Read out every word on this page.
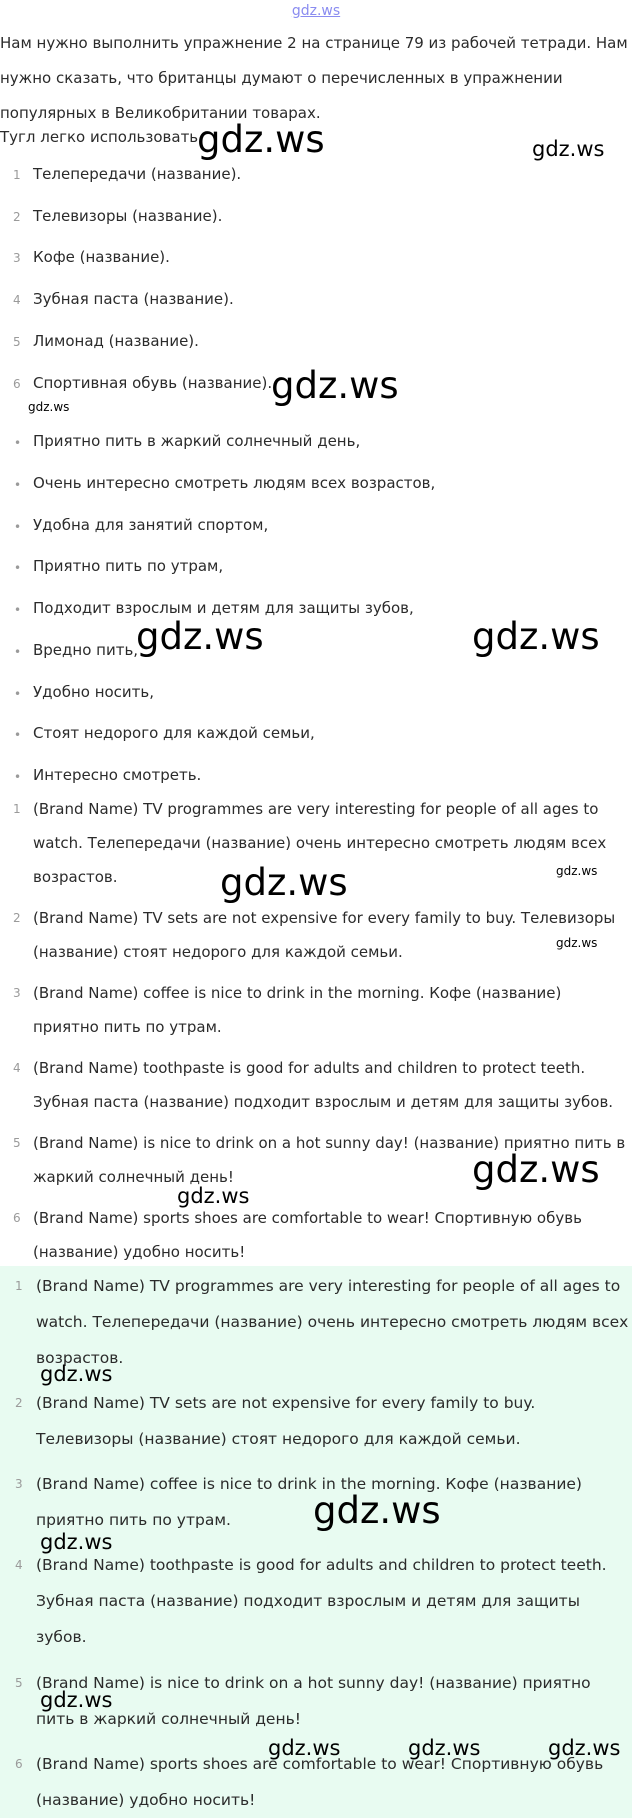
gdz.ws
Нам нужно выполнить упражнение 2 на странице 79 из рабочей тетради. Нам нужно сказать, что британцы думают о перечисленных в упражнении популярных в Великобритании товарах.
Тугл легко использовать.
1 Телепередачи (название).
2 Телевизоры (название).
3 Кофе (название).
4 Зубная паста (название).
5 Лимонад (название).
6 Спортивная обувь (название).
• Приятно пить в жаркий солнечный день,
• Очень интересно смотреть людям всех возрастов,
• Удобна для занятий спортом,
• Приятно пить по утрам,
• Подходит взрослым и детям для защиты зубов,
• Вредно пить,
• Удобно носить,
• Стоят недорого для каждой семьи,
• Интересно смотреть.
1 (Brand Name) TV programmes are very interesting for people of all ages to watch. Телепередачи (название) очень интересно смотреть людям всех возрастов.
2 (Brand Name) TV sets are not expensive for every family to buy. Телевизоры (название) стоят недорого для каждой семьи.
3 (Brand Name) coffee is nice to drink in the morning. Кофе (название) приятно пить по утрам.
4 (Brand Name) toothpaste is good for adults and children to protect teeth. Зубная паста (название) подходит взрослым и детям для защиты зубов.
5 (Brand Name) is nice to drink on a hot sunny day! (название) приятно пить в жаркий солнечный день!
6 (Brand Name) sports shoes are comfortable to wear! Спортивную обувь (название) удобно носить!
1 (Brand Name) TV programmes are very interesting for people of all ages to watch. Телепередачи (название) очень интересно смотреть людям всех возрастов.
2 (Brand Name) TV sets are not expensive for every family to buy. Телевизоры (название) стоят недорого для каждой семьи.
3 (Brand Name) coffee is nice to drink in the morning. Кофе (название) приятно пить по утрам.
4 (Brand Name) toothpaste is good for adults and children to protect teeth. Зубная паста (название) подходит взрослым и детям для защиты зубов.
5 (Brand Name) is nice to drink on a hot sunny day! (название) приятно пить в жаркий солнечный день!
6 (Brand Name) sports shoes are comfortable to wear! Спортивную обувь (название) удобно носить!
gdz.ws	gdz.ws
gdz.ws
gdz.ws
gdz.ws	gdz.ws
gdz.ws	gdz.ws
gdz.ws
gdz.ws
gdz.ws
gdz.ws
gdz.ws
gdz.ws
gdz.ws
gdz.ws	gdz.ws	gdz.ws
